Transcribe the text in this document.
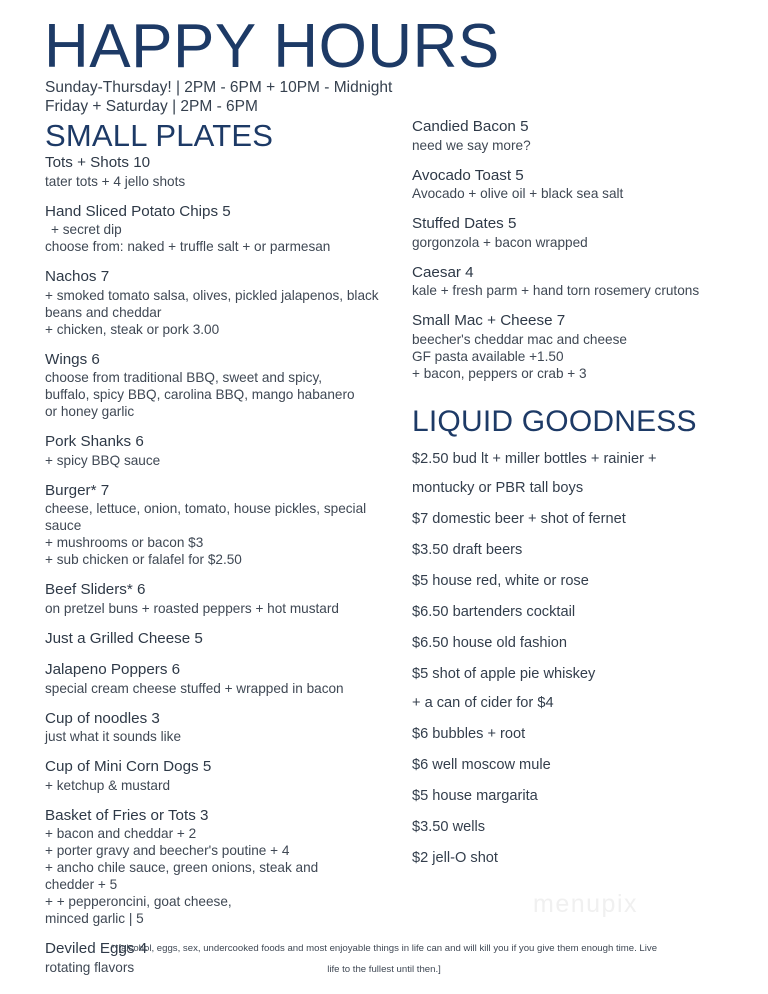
HAPPY HOURS
Sunday-Thursday! | 2PM - 6PM + 10PM - Midnight
Friday + Saturday | 2PM - 6PM
SMALL PLATES
Tots + Shots 10
tater tots + 4 jello shots
Hand Sliced Potato Chips 5
+ secret dip
choose from: naked + truffle salt + or parmesan
Nachos 7
+ smoked tomato salsa, olives, pickled jalapenos, black
beans and cheddar
+ chicken, steak or pork 3.00
Wings 6
choose from traditional BBQ, sweet and spicy,
buffalo, spicy BBQ, carolina BBQ, mango habanero
or honey garlic
Pork Shanks 6
+ spicy BBQ sauce
Burger* 7
cheese, lettuce, onion, tomato, house pickles, special
sauce
+ mushrooms or bacon $3
+ sub chicken or falafel for $2.50
Beef Sliders* 6
on pretzel buns + roasted peppers + hot mustard
Just a Grilled Cheese 5
Jalapeno Poppers 6
special cream cheese stuffed + wrapped in bacon
Cup of noodles 3
just what it sounds like
Cup of Mini Corn Dogs 5
+ ketchup & mustard
Basket of Fries or Tots 3
+ bacon and cheddar + 2
+ porter gravy and beecher's poutine + 4
+ ancho chile sauce, green onions, steak and
chedder + 5
+ + pepperoncini, goat cheese,
minced garlic | 5
Deviled Eggs 4
rotating flavors
Candied Bacon 5
need we say more?
Avocado Toast 5
Avocado + olive oil + black sea salt
Stuffed Dates 5
gorgonzola + bacon wrapped
Caesar 4
kale + fresh parm + hand torn rosemery crutons
Small Mac + Cheese 7
beecher's cheddar mac and cheese
GF pasta available +1.50
+ bacon, peppers or crab + 3
LIQUID GOODNESS
$2.50 bud lt + miller bottles + rainier +
montucky or PBR tall boys
$7 domestic beer + shot of fernet
$3.50 draft beers
$5 house red, white or rose
$6.50 bartenders cocktail
$6.50 house old fashion
$5 shot of apple pie whiskey
+ a can of cider for $4
$6 bubbles + root
$6 well moscow mule
$5 house margarita
$3.50 wells
$2 jell-O shot
menupix
**[alcohol, eggs, sex, undercooked foods and most enjoyable things in life can and will kill you if you give them enough time. Live
life to the fullest until then.]
